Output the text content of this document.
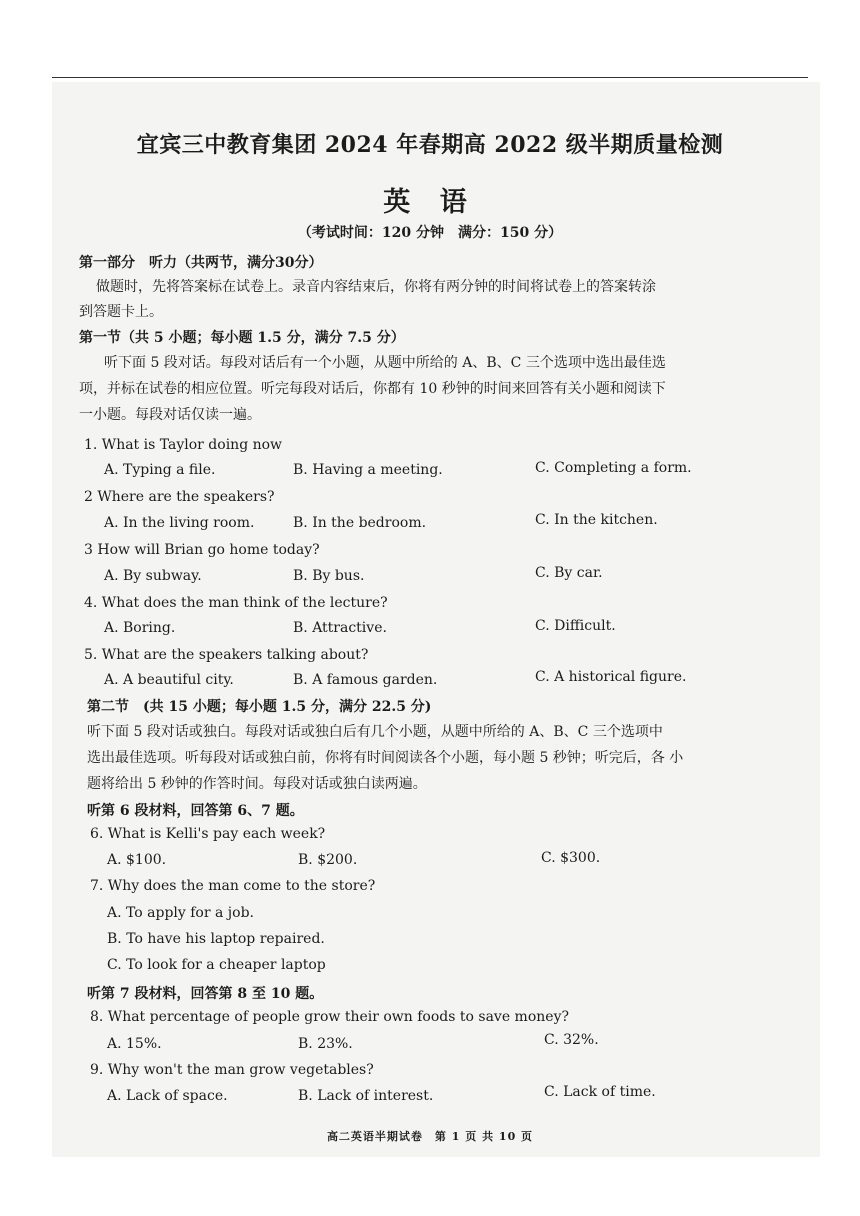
宜宾三中教育集团 2024 年春期高 2022 级半期质量检测
英 语
（考试时间：120 分钟　满分：150 分）
第一部分　听力（共两节，满分30分）
做题时，先将答案标在试卷上。录音内容结束后，你将有两分钟的时间将试卷上的答案转涂
到答题卡上。
第一节（共 5 小题；每小题 1.5 分，满分 7.5 分）
听下面 5 段对话。每段对话后有一个小题，从题中所给的 A、B、C 三个选项中选出最佳选
项，并标在试卷的相应位置。听完每段对话后，你都有 10 秒钟的时间来回答有关小题和阅读下
一小题。每段对话仅读一遍。
1. What is Taylor doing now
A. Typing a file.	B. Having a meeting.	C. Completing a form.
2 Where are the speakers?
A. In the living room.	B. In the bedroom.	C. In the kitchen.
3 How will Brian go home today?
A. By subway.	B. By bus.	C. By car.
4. What does the man think of the lecture?
A. Boring.	B. Attractive.	C. Difficult.
5. What are the speakers talking about?
A. A beautiful city.	B. A famous garden.	C. A historical figure.
第二节　(共 15 小题；每小题 1.5 分，满分 22.5 分)
听下面 5 段对话或独白。每段对话或独白后有几个小题，从题中所给的 A、B、C 三个选项中
选出最佳选项。听每段对话或独白前，你将有时间阅读各个小题，每小题 5 秒钟；听完后，各 小
题将给出 5 秒钟的作答时间。每段对话或独白读两遍。
听第 6 段材料，回答第 6、7 题。
6. What is Kelli's pay each week?
A. $100.	B. $200.	C. $300.
7. Why does the man come to the store?
A. To apply for a job.
B. To have his laptop repaired.
C. To look for a cheaper laptop
听第 7 段材料，回答第 8 至 10 题。
8. What percentage of people grow their own foods to save money?
A. 15%.	B. 23%.	C. 32%.
9. Why won't the man grow vegetables?
A. Lack of space.	B. Lack of interest.	C. Lack of time.
高二英语半期试卷　第 1 页 共 10 页
